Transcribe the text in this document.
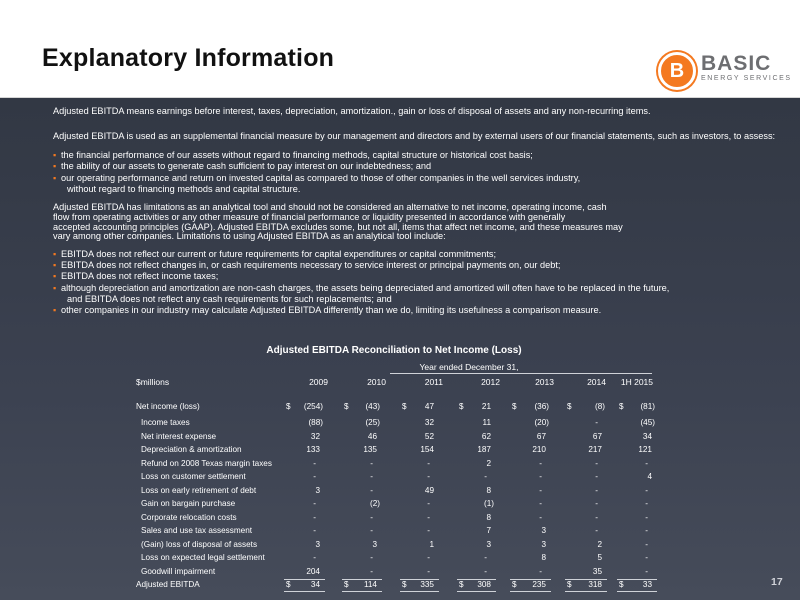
Explanatory Information	B BASIC
ENERGY SERVICES

Adjusted EBITDA means earnings before interest, taxes, depreciation, amortization., gain or loss of disposal of assets and any non-recurring items.

Adjusted EBITDA is used as an supplemental financial measure by our management and directors and by external users of our financial statements, such as investors, to assess:

▪ the financial performance of our assets without regard to financing methods, capital structure or historical cost basis;
▪ the ability of our assets to generate cash sufficient to pay interest on our indebtedness; and
▪ our operating performance and return on invested capital as compared to those of other companies in the well services industry,
without regard to financing methods and capital structure.

Adjusted EBITDA has limitations as an analytical tool and should not be considered an alternative to net income, operating income, cash

flow from operating activities or any other measure of financial performance or liquidity presented in accordance with generally

accepted accounting principles (GAAP). Adjusted EBITDA excludes some, but not all, items that affect net income, and these measures may

vary among other companies. Limitations to using Adjusted EBITDA as an analytical tool include:

▪ EBITDA does not reflect our current or future requirements for capital expenditures or capital commitments;
▪ EBITDA does not reflect changes in, or cash requirements necessary to service interest or principal payments on, our debt;
▪ EBITDA does not reflect income taxes;
▪ although depreciation and amortization are non-cash charges, the assets being depreciated and amortized will often have to be replaced in the future,
and EBITDA does not reflect any cash requirements for such replacements; and
▪ other companies in our industry may calculate Adjusted EBITDA differently than we do, limiting its usefulness a comparison measure.
Adjusted EBITDA Reconciliation to Net Income (Loss)
Year ended December 31,
$millions	2009	2010	2011	2012	2013	2014	1H 2015
Net income (loss)	$	(254)	$	(43)	$	47	$	21	$	(36) $	(8) $	(81)
Income taxes	(88)	(25)	32	11	(20)	-	(45)
Net interest expense	32	46	52	62	67	67	34
Depreciation & amortization	133	135	154	187	210	217	121
Refund on 2008 Texas margin taxes	-	-	-	2	-	-	-
Loss on customer settlement	-	-	-	-	-	-	4
Loss on early retirement of debt	3	-	49	8	-	-	-
Gain on bargain purchase	-	(2)	-	(1)	-	-	-
Corporate relocation costs	-	-	-	8	-	-	-
Sales and use tax assessment	-	-	-	7	3	-	-
(Gain) loss of disposal of assets	3	3	1	3	3	2	-
Loss on expected legal settlement	-	-	-	-	8	5	-
Goodwill impairment	204	-	-	-	-	35	-
Adjusted EBITDA	$	34	$	114	$	335	$	308	$	235	$	318 $	33	17
